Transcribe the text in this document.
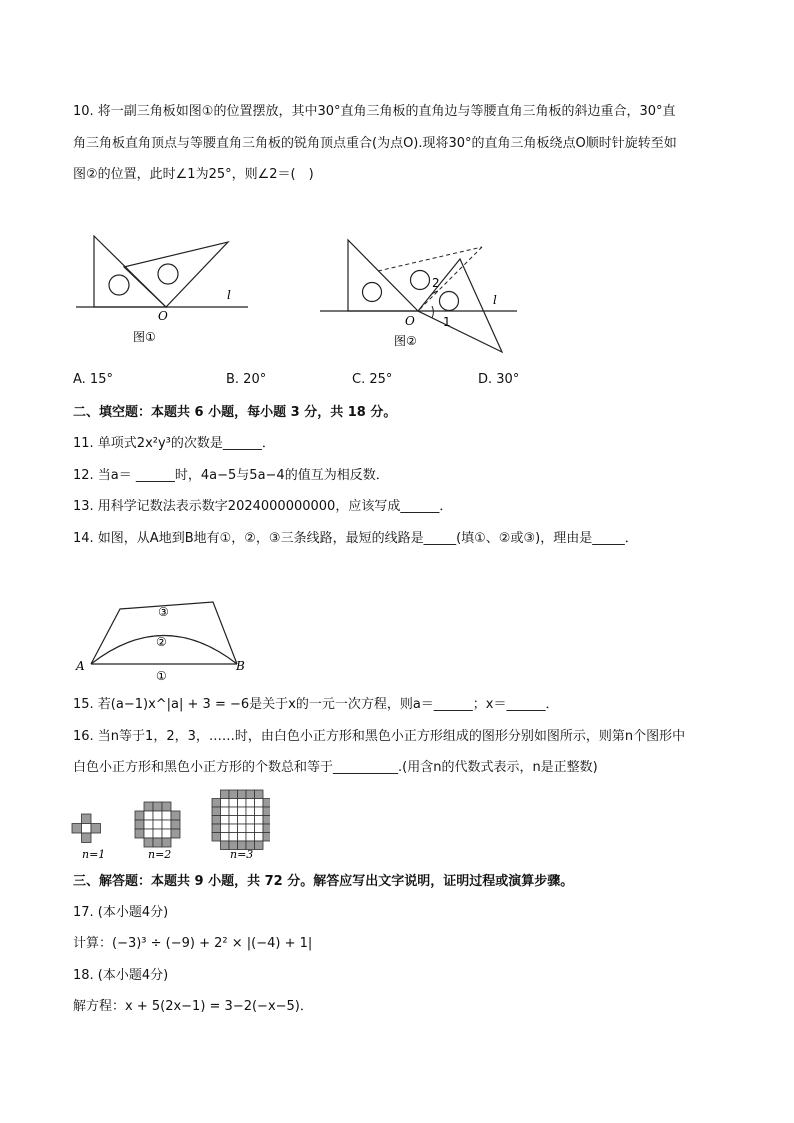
10. 将一副三角板如图①的位置摆放，其中30°直角三角板的直角边与等腰直角三角板的斜边重合，30°直
角三角板直角顶点与等腰直角三角板的锐角顶点重合(为点O).现将30°的直角三角板绕点O顺时针旋转至如
图②的位置，此时∠1为25°，则∠2＝(　)
O
l
图①
O 1
2
l
图②
A. 15°	B. 20°	C. 25°	D. 30°
二、填空题：本题共 6 小题，每小题 3 分，共 18 分。
11. 单项式2x²y³的次数是______．
12. 当a＝ ______时，4a−5与5a−4的值互为相反数．
13. 用科学记数法表示数字2024000000000，应该写成______．
14. 如图，从A地到B地有①，②，③三条线路，最短的线路是_____(填①、②或③)，理由是_____．
A	B
①
②
③
15. 若(a−1)x^|a| + 3 = −6是关于x的一元一次方程，则a＝______；x＝______．
16. 当n等于1，2，3，……时，由白色小正方形和黑色小正方形组成的图形分别如图所示，则第n个图形中
白色小正方形和黑色小正方形的个数总和等于__________.(用含n的代数式表示，n是正整数)
n=1	n=2	n=3
三、解答题：本题共 9 小题，共 72 分。解答应写出文字说明，证明过程或演算步骤。
17. (本小题4分)
计算：(−3)³ ÷ (−9) + 2² × |(−4) + 1|
18. (本小题4分)
解方程：x + 5(2x−1) = 3−2(−x−5)．
